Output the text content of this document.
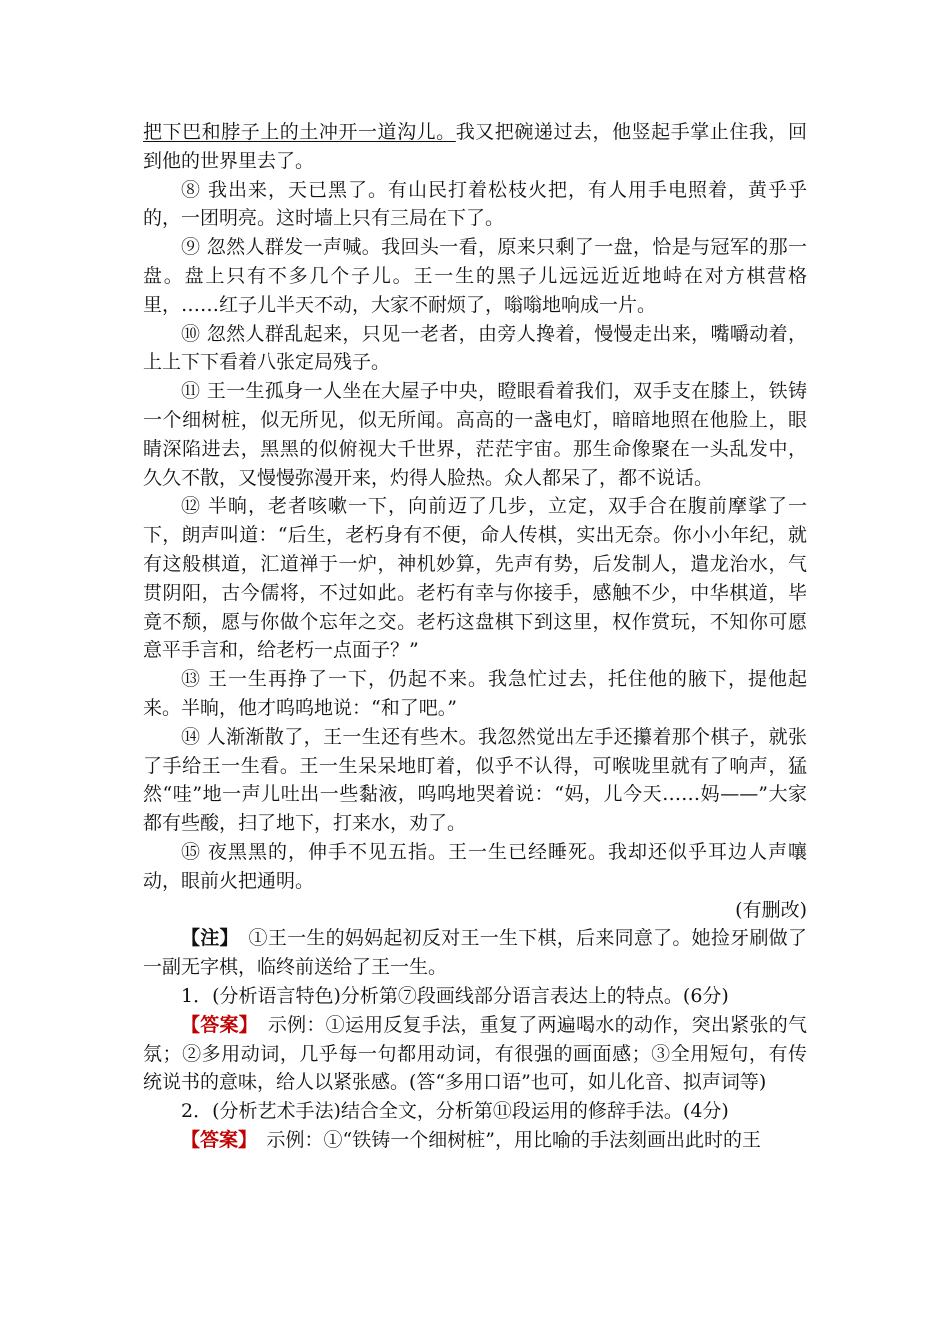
把下巴和脖子上的土冲开一道沟儿。我又把碗递过去，他竖起手掌止住我，回到他的世界里去了。

⑧ 我出来，天已黑了。有山民打着松枝火把，有人用手电照着，黄乎乎的，一团明亮。这时墙上只有三局在下了。

⑨ 忽然人群发一声喊。我回头一看，原来只剩了一盘，恰是与冠军的那一盘。盘上只有不多几个子儿。王一生的黑子儿远远近近地峙在对方棋营格里，……红子儿半天不动，大家不耐烦了，嗡嗡地响成一片。

⑩ 忽然人群乱起来，只见一老者，由旁人搀着，慢慢走出来，嘴嚼动着，上上下下看着八张定局残子。

⑪ 王一生孤身一人坐在大屋子中央，瞪眼看着我们，双手支在膝上，铁铸一个细树桩，似无所见，似无所闻。高高的一盏电灯，暗暗地照在他脸上，眼睛深陷进去，黑黑的似俯视大千世界，茫茫宇宙。那生命像聚在一头乱发中，久久不散，又慢慢弥漫开来，灼得人脸热。众人都呆了，都不说话。

⑫ 半晌，老者咳嗽一下，向前迈了几步，立定，双手合在腹前摩挲了一下，朗声叫道：“后生，老朽身有不便，命人传棋，实出无奈。你小小年纪，就有这般棋道，汇道禅于一炉，神机妙算，先声有势，后发制人，遣龙治水，气贯阴阳，古今儒将，不过如此。老朽有幸与你接手，感触不少，中华棋道，毕竟不颓，愿与你做个忘年之交。老朽这盘棋下到这里，权作赏玩，不知你可愿意平手言和，给老朽一点面子？”

⑬ 王一生再挣了一下，仍起不来。我急忙过去，托住他的腋下，提他起来。半晌，他才呜呜地说：“和了吧。”

⑭ 人渐渐散了，王一生还有些木。我忽然觉出左手还攥着那个棋子，就张了手给王一生看。王一生呆呆地盯着，似乎不认得，可喉咙里就有了响声，猛然“哇”地一声儿吐出一些黏液，呜呜地哭着说：“妈，儿今天……妈——”大家都有些酸，扫了地下，打来水，劝了。

⑮ 夜黑黑的，伸手不见五指。王一生已经睡死。我却还似乎耳边人声嚷动，眼前火把通明。

(有删改)

【注】　①王一生的妈妈起初反对王一生下棋，后来同意了。她捡牙刷做了一副无字棋，临终前送给了王一生。

1．(分析语言特色)分析第⑦段画线部分语言表达上的特点。(6分)

【答案】　示例：①运用反复手法，重复了两遍喝水的动作，突出紧张的气氛；②多用动词，几乎每一句都用动词，有很强的画面感；③全用短句，有传统说书的意味，给人以紧张感。(答“多用口语”也可，如儿化音、拟声词等)

2．(分析艺术手法)结合全文，分析第⑪段运用的修辞手法。(4分)

【答案】　示例：①“铁铸一个细树桩”，用比喻的手法刻画出此时的王
